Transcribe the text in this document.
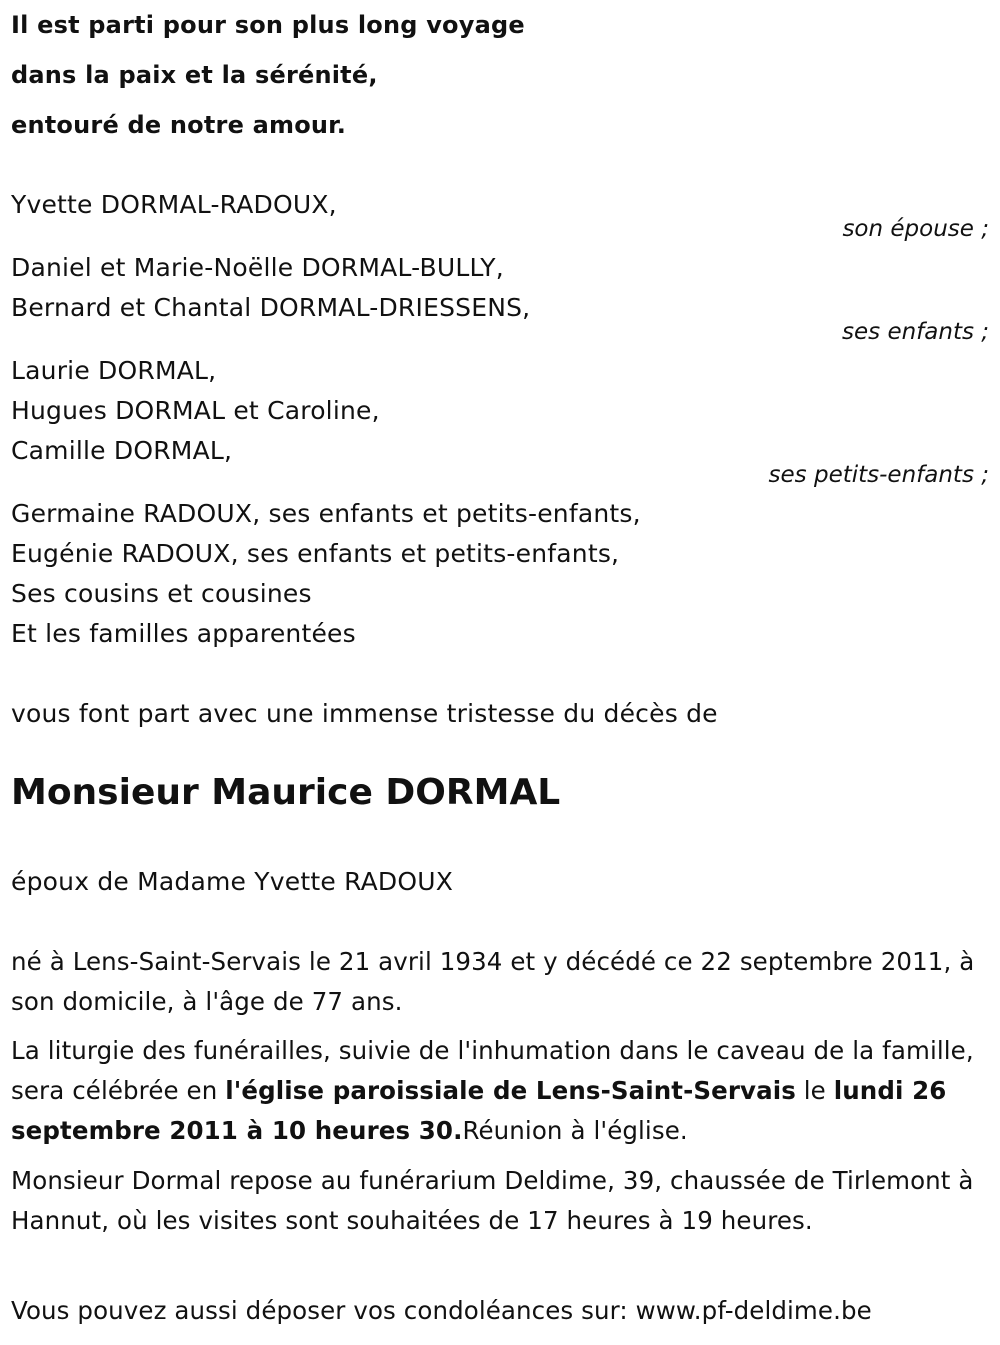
Il est parti pour son plus long voyage
dans la paix et la sérénité,
entouré de notre amour.
Yvette DORMAL-RADOUX,
son épouse ;
Daniel et Marie-Noëlle DORMAL-BULLY,
Bernard et Chantal DORMAL-DRIESSENS,
ses enfants ;
Laurie DORMAL,
Hugues DORMAL et Caroline,
Camille DORMAL,
ses petits-enfants ;
Germaine RADOUX, ses enfants et petits-enfants,
Eugénie RADOUX, ses enfants et petits-enfants,
Ses cousins et cousines
Et les familles apparentées
vous font part avec une immense tristesse du décès de
Monsieur Maurice DORMAL
époux de Madame Yvette RADOUX
né à Lens-Saint-Servais le 21 avril 1934 et y décédé ce 22 septembre 2011, à son domicile, à l'âge de 77 ans.
La liturgie des funérailles, suivie de l'inhumation dans le caveau de la famille, sera célébrée en l'église paroissiale de Lens-Saint-Servais le lundi 26 septembre 2011 à 10 heures 30.Réunion à l'église.
Monsieur Dormal repose au funérarium Deldime, 39, chaussée de Tirlemont à Hannut, où les visites sont souhaitées de 17 heures à 19 heures.
Vous pouvez aussi déposer vos condoléances sur: www.pf-deldime.be
